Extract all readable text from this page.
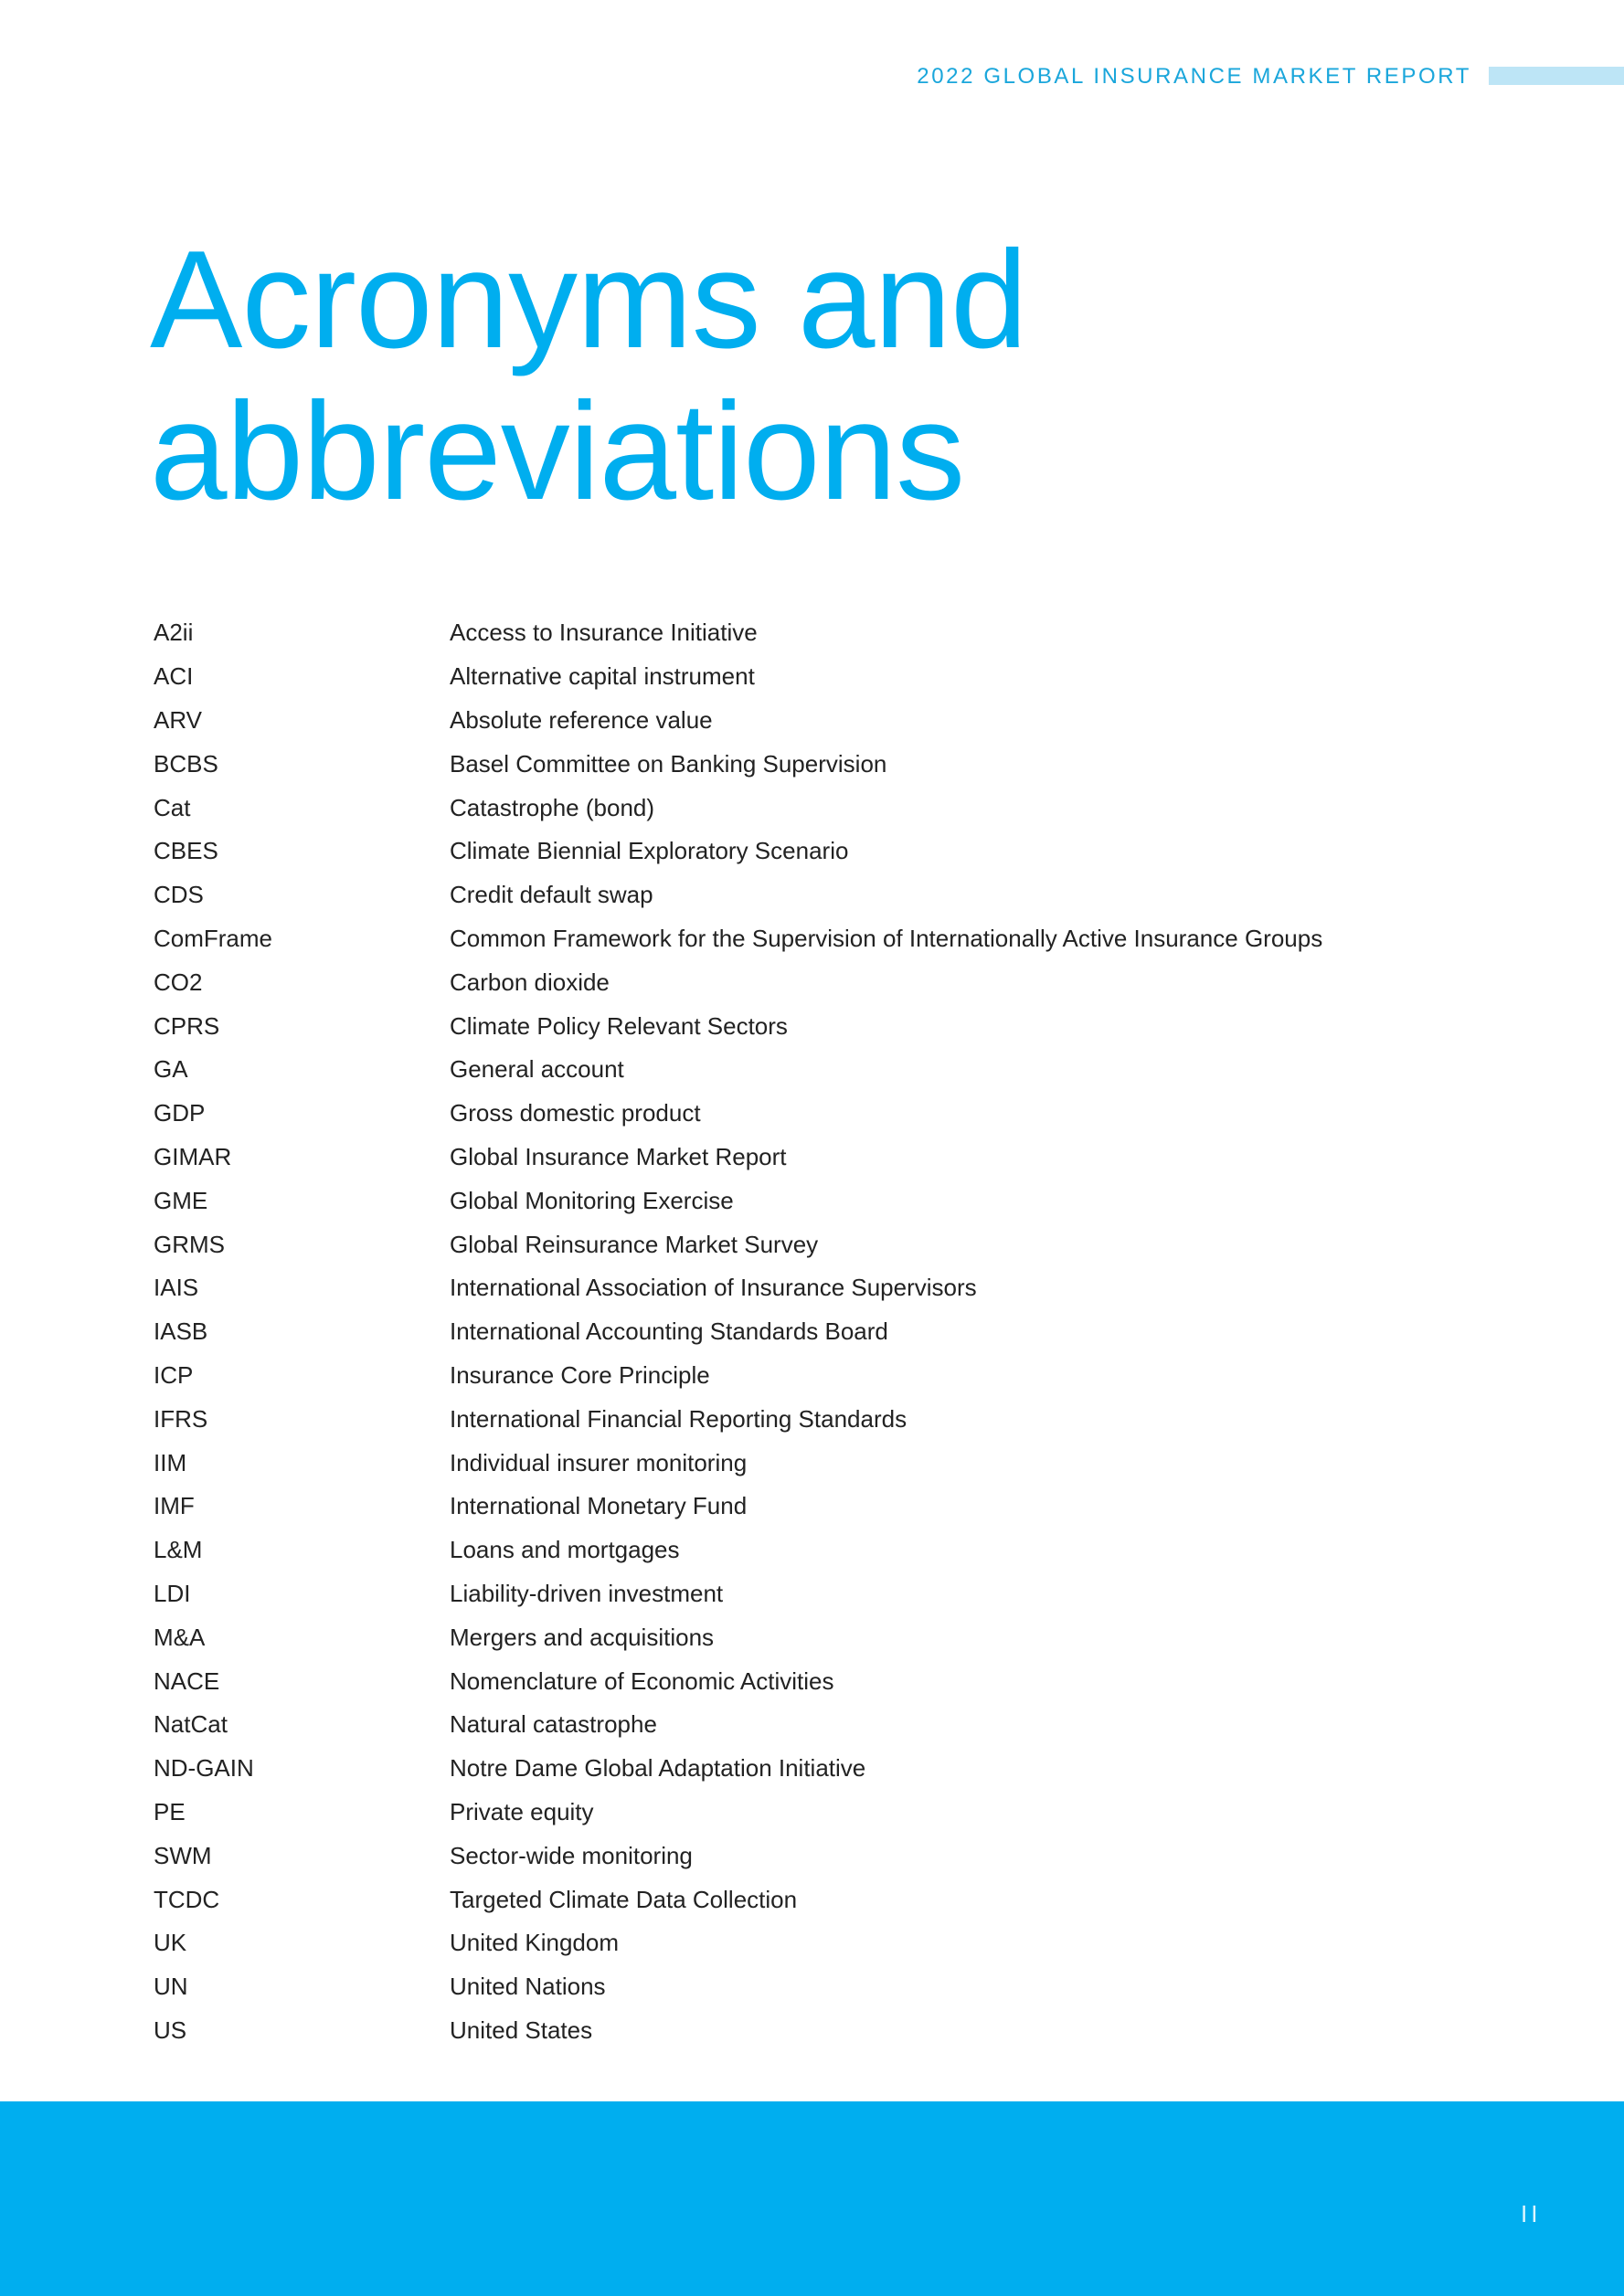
2022 GLOBAL INSURANCE MARKET REPORT
Acronyms and
abbreviations
A2ii	Access to Insurance Initiative
ACI	Alternative capital instrument
ARV	Absolute reference value
BCBS	Basel Committee on Banking Supervision
Cat	Catastrophe (bond)
CBES	Climate Biennial Exploratory Scenario
CDS	Credit default swap
ComFrame	Common Framework for the Supervision of Internationally Active Insurance Groups
CO2	Carbon dioxide
CPRS	Climate Policy Relevant Sectors
GA	General account
GDP	Gross domestic product
GIMAR	Global Insurance Market Report
GME	Global Monitoring Exercise
GRMS	Global Reinsurance Market Survey
IAIS	International Association of Insurance Supervisors
IASB	International Accounting Standards Board
ICP	Insurance Core Principle
IFRS	International Financial Reporting Standards
IIM	Individual insurer monitoring
IMF	International Monetary Fund
L&M	Loans and mortgages
LDI	Liability-driven investment
M&A	Mergers and acquisitions
NACE	Nomenclature of Economic Activities
NatCat	Natural catastrophe
ND-GAIN	Notre Dame Global Adaptation Initiative
PE	Private equity
SWM	Sector-wide monitoring
TCDC	Targeted Climate Data Collection
UK	United Kingdom
UN	United Nations
US	United States
II
